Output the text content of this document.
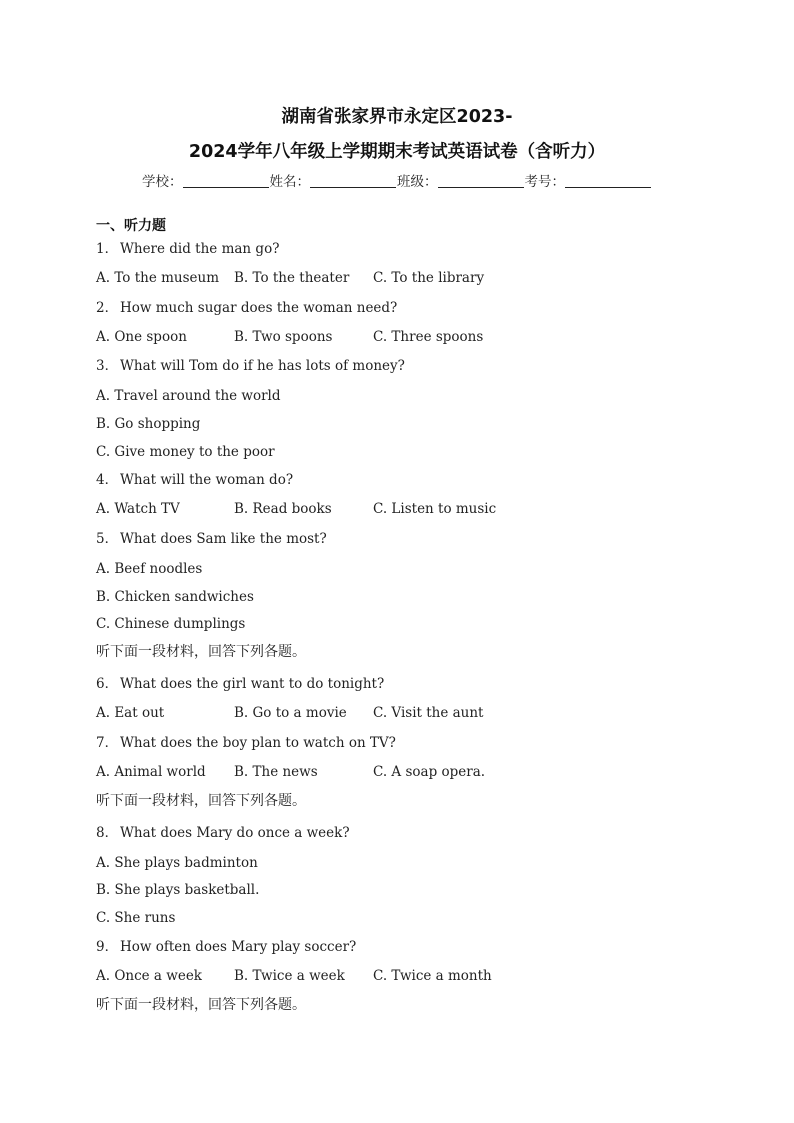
湖南省张家界市永定区2023-
2024学年八年级上学期期末考试英语试卷（含听力）
学校：	姓名：	班级：	考号：
一、听力题
1． Where did the man go?
A. To the museum B. To the theater C. To the library
2． How much sugar does the woman need?
A. One spoon	B. Two spoons	C. Three spoons
3． What will Tom do if he has lots of money?
A. Travel around the world
B. Go shopping
C. Give money to the poor
4． What will the woman do?
A. Watch TV	B. Read books	C. Listen to music
5． What does Sam like the most?
A. Beef noodles
B. Chicken sandwiches
C. Chinese dumplings
听下面一段材料，回答下列各题。
6． What does the girl want to do tonight?
A. Eat out	B. Go to a movie C. Visit the aunt
7． What does the boy plan to watch on TV?
A. Animal world B. The news	C. A soap opera.
听下面一段材料，回答下列各题。
8． What does Mary do once a week?
A. She plays badminton
B. She plays basketball.
C. She runs
9． How often does Mary play soccer?
A. Once a week B. Twice a week C. Twice a month
听下面一段材料，回答下列各题。
